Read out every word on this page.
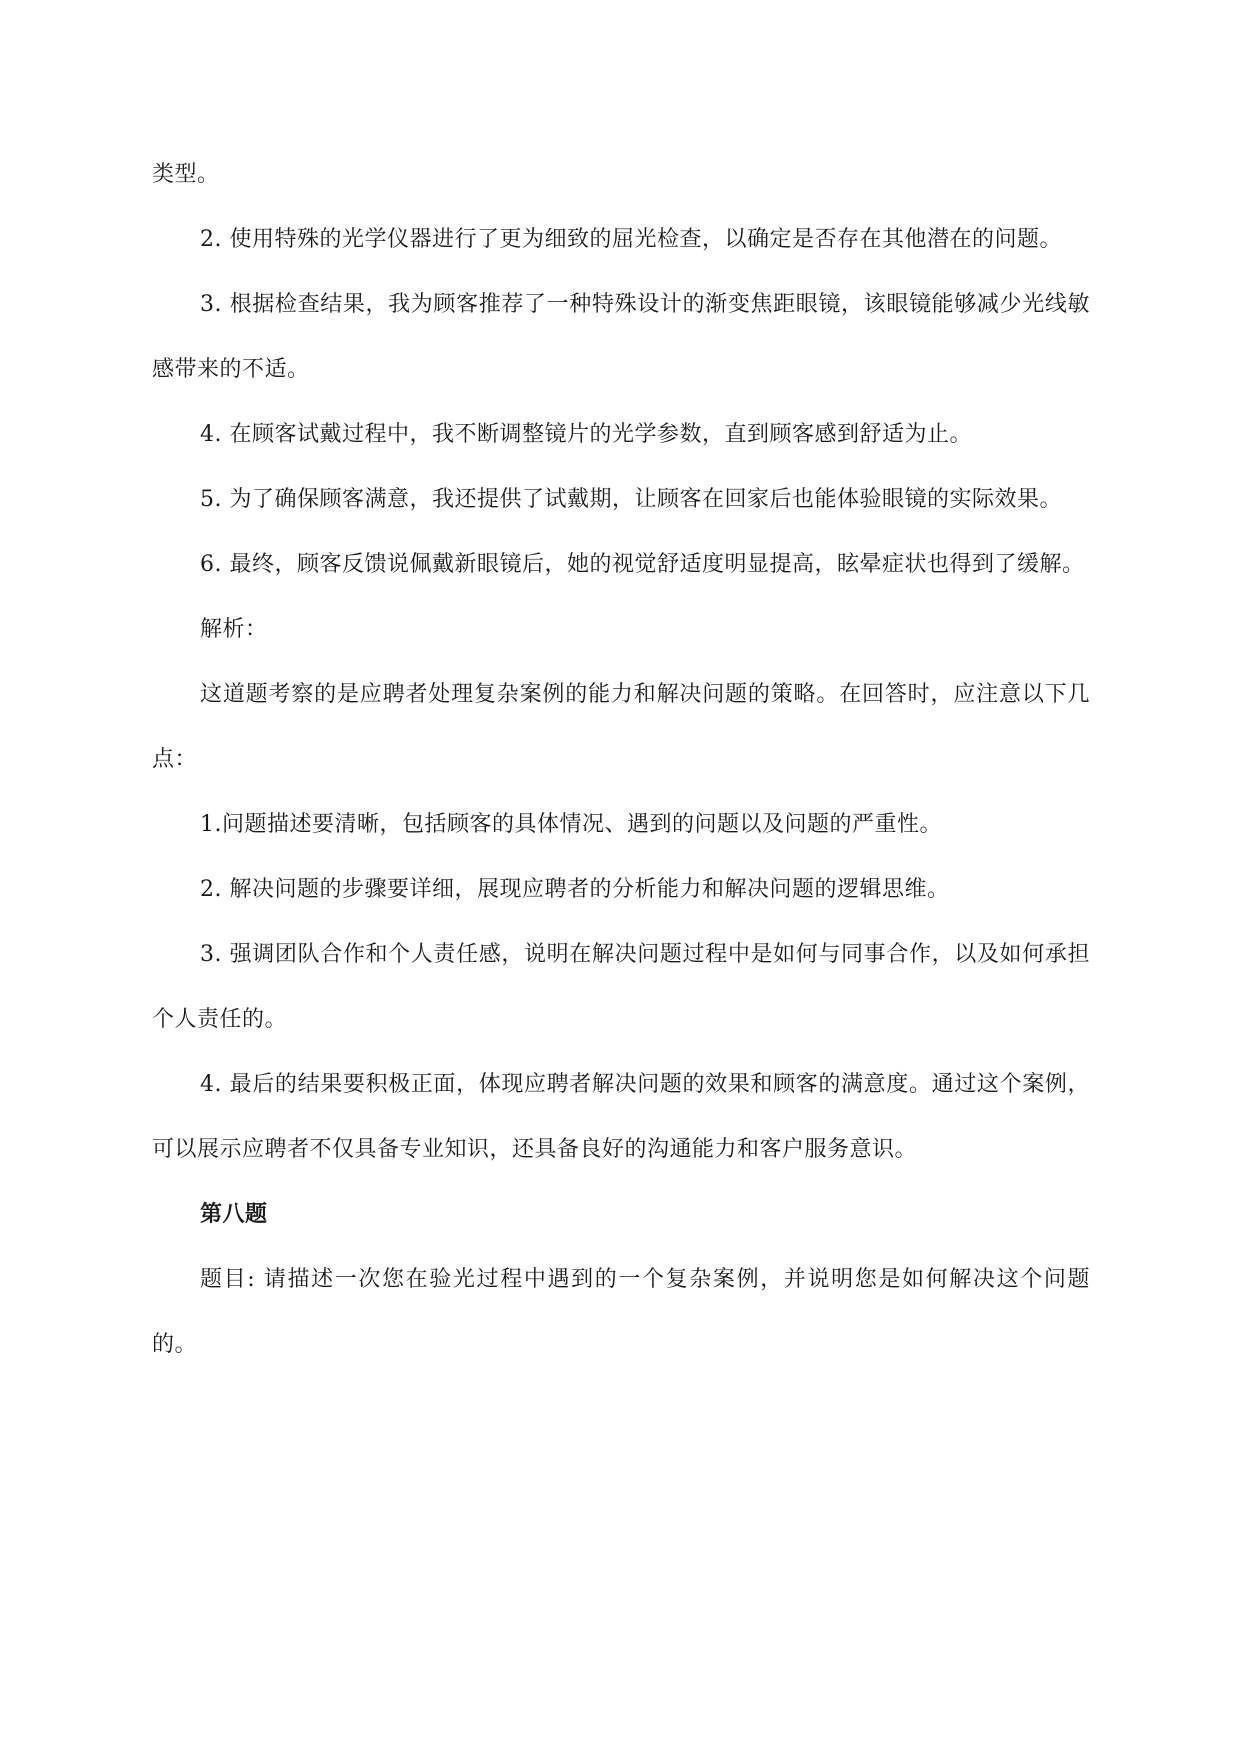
类型。

2. 使用特殊的光学仪器进行了更为细致的屈光检查，以确定是否存在其他潜在的问题。

3. 根据检查结果，我为顾客推荐了一种特殊设计的渐变焦距眼镜，该眼镜能够减少光线敏感带来的不适。

4. 在顾客试戴过程中，我不断调整镜片的光学参数，直到顾客感到舒适为止。

5. 为了确保顾客满意，我还提供了试戴期，让顾客在回家后也能体验眼镜的实际效果。

6. 最终，顾客反馈说佩戴新眼镜后，她的视觉舒适度明显提高，眩晕症状也得到了缓解。

解析：

这道题考察的是应聘者处理复杂案例的能力和解决问题的策略。在回答时，应注意以下几点：

1.问题描述要清晰，包括顾客的具体情况、遇到的问题以及问题的严重性。

2. 解决问题的步骤要详细，展现应聘者的分析能力和解决问题的逻辑思维。

3. 强调团队合作和个人责任感，说明在解决问题过程中是如何与同事合作，以及如何承担个人责任的。

4. 最后的结果要积极正面，体现应聘者解决问题的效果和顾客的满意度。通过这个案例，可以展示应聘者不仅具备专业知识，还具备良好的沟通能力和客户服务意识。

第八题

题目: 请描述一次您在验光过程中遇到的一个复杂案例，并说明您是如何解决这个问题的。
